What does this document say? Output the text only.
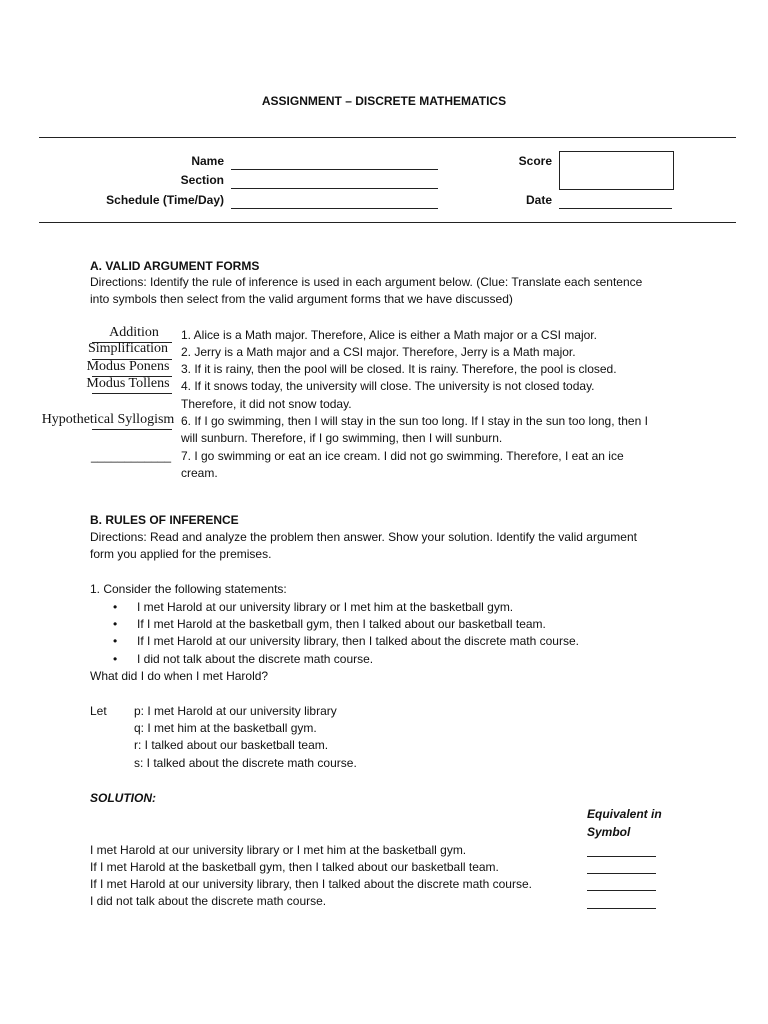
ASSIGNMENT – DISCRETE MATHEMATICS
Name
Section
Schedule (Time/Day)
Score
Date
A. VALID ARGUMENT FORMS
Directions: Identify the rule of inference is used in each argument below. (Clue: Translate each sentence
into symbols then select from the valid argument forms that we have discussed)
Addition	1. Alice is a Math major. Therefore, Alice is either a Math major or a CSI major.
Simplification	2. Jerry is a Math major and a CSI major. Therefore, Jerry is a Math major.
Modus Ponens 3. If it is rainy, then the pool will be closed. It is rainy. Therefore, the pool is closed.
Modus Tollens 4. If it snows today, the university will close. The university is not closed today.
Therefore, it did not snow today.
Hypothetical Syllogism 6. If I go swimming, then I will stay in the sun too long. If I stay in the sun too long, then I
will sunburn. Therefore, if I go swimming, then I will sunburn.
____________ 7. I go swimming or eat an ice cream. I did not go swimming. Therefore, I eat an ice
cream.
B. RULES OF INFERENCE
Directions: Read and analyze the problem then answer. Show your solution. Identify the valid argument
form you applied for the premises.
1. Consider the following statements:
• I met Harold at our university library or I met him at the basketball gym.
• If I met Harold at the basketball gym, then I talked about our basketball team.
• If I met Harold at our university library, then I talked about the discrete math course.
• I did not talk about the discrete math course.
What did I do when I met Harold?
Let p: I met Harold at our university library
q: I met him at the basketball gym.
r: I talked about our basketball team.
s: I talked about the discrete math course.
SOLUTION:
Equivalent in
Symbol
I met Harold at our university library or I met him at the basketball gym.
If I met Harold at the basketball gym, then I talked about our basketball team.
If I met Harold at our university library, then I talked about the discrete math course.
I did not talk about the discrete math course.
